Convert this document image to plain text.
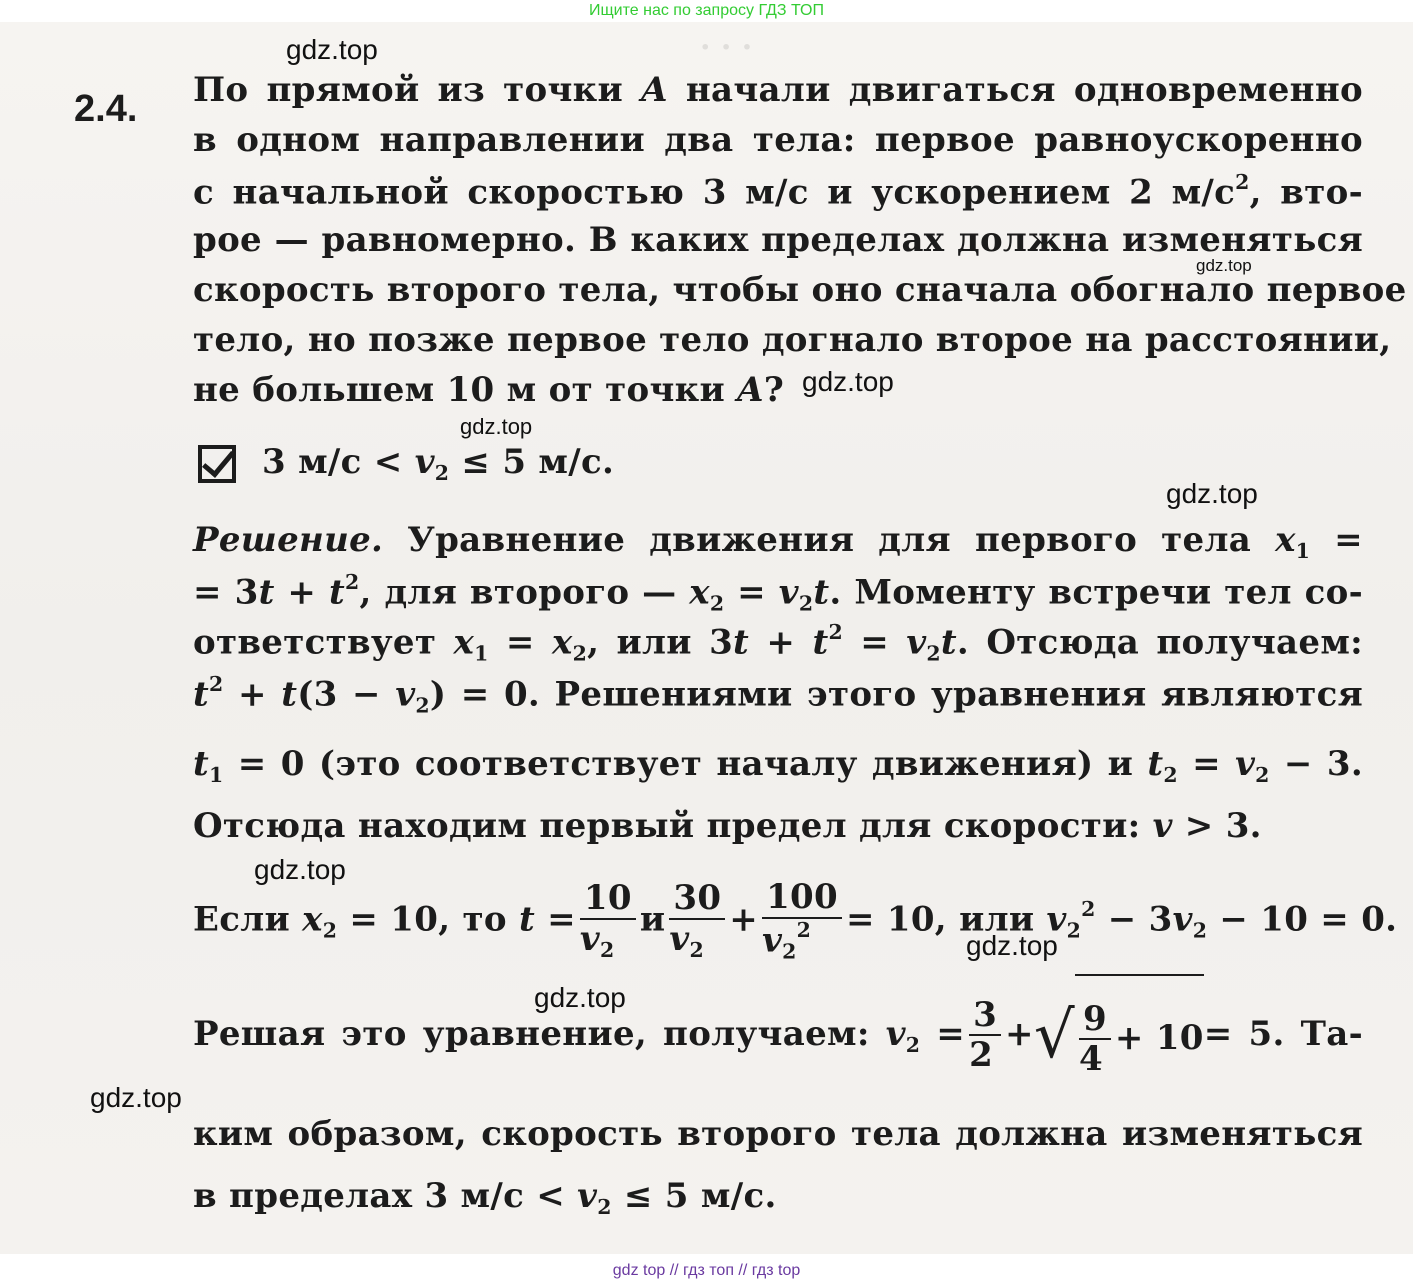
Ищите нас по запросу ГДЗ ТОП
· · ·
2.4. По прямой из точки A начали двигаться одновременно
в одном направлении два тела: первое равноускоренно
с начальной скоростью 3 м/с и ускорением 2 $м/с^2$, вто-
рое — равномерно. В каких пределах должна изменяться
скорость второго тела, чтобы оно сначала обогнало первое
тело, но позже первое тело догнало второе на расстоянии,
не большем 10 м от точки A?
3 $м/с < v_2 \le 5$ м/с.
Решение. Уравнение движения для первого тела $x_1$ =
= $3t + t^2$, для второго — $x_2 = v_2t$. Моменту встречи тел со-
ответствует $x_1 = x_2$, или $3t + t^2 = v_2t$. Отсюда получаем:
$t^2 + t(3 - v_2) = 0$. Решениями этого уравнения являются
$t_1 = 0$ (это соответствует началу движения) и $t_2 = v_2 - 3$.
Отсюда находим первый предел для скорости: v > 3.
Если $x_2 = 10$, то $t = \frac{10}{v_2}$ и $\frac{30}{v_2} + \frac{100}{v_2^2} = 10$, или $v_2^2 - 3v_2 - 10 = 0$.
Решая это уравнение, получаем: $v_2 = \frac{3}{2}$ +√ $\frac{9}{4} + 10= 5$. Та-
ким образом, скорость второго тела должна изменяться
в пределах 3 $м/с < v_2 \le 5$ м/с.
gdz.top
gdz.top
gdz.top
gdz.top
gdz.top
gdz.top
gdz.top
gdz.top
gdz.top
gdz top // гдз топ // гдз top
